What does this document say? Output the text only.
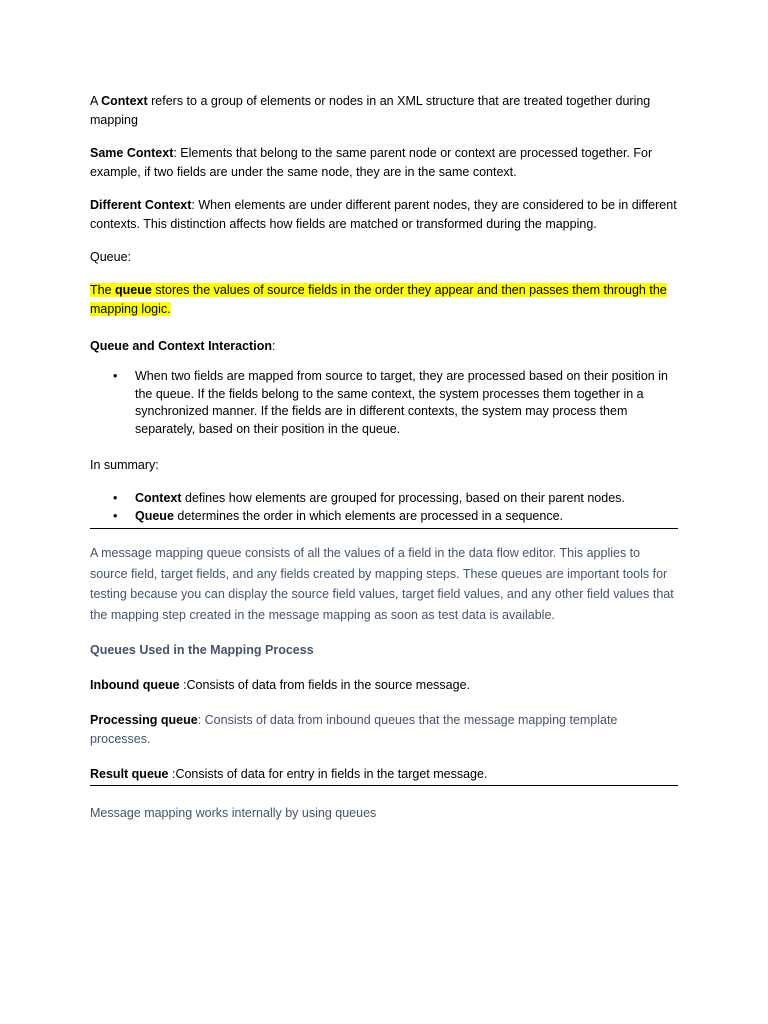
A Context refers to a group of elements or nodes in an XML structure that are treated together during mapping

Same Context: Elements that belong to the same parent node or context are processed together. For example, if two fields are under the same node, they are in the same context.

Different Context: When elements are under different parent nodes, they are considered to be in different contexts. This distinction affects how fields are matched or transformed during the mapping.

Queue:

The queue stores the values of source fields in the order they appear and then passes them through the mapping logic.

Queue and Context Interaction:

• When two fields are mapped from source to target, they are processed based on their position in the queue. If the fields belong to the same context, the system processes them together in a synchronized manner. If the fields are in different contexts, the system may process them separately, based on their position in the queue.

In summary:

• Context defines how elements are grouped for processing, based on their parent nodes.
• Queue determines the order in which elements are processed in a sequence.

A message mapping queue consists of all the values of a field in the data flow editor. This applies to source field, target fields, and any fields created by mapping steps. These queues are important tools for testing because you can display the source field values, target field values, and any other field values that the mapping step created in the message mapping as soon as test data is available.

Queues Used in the Mapping Process

Inbound queue :Consists of data from fields in the source message.

Processing queue: Consists of data from inbound queues that the message mapping template processes.

Result queue :Consists of data for entry in fields in the target message.

Message mapping works internally by using queues
